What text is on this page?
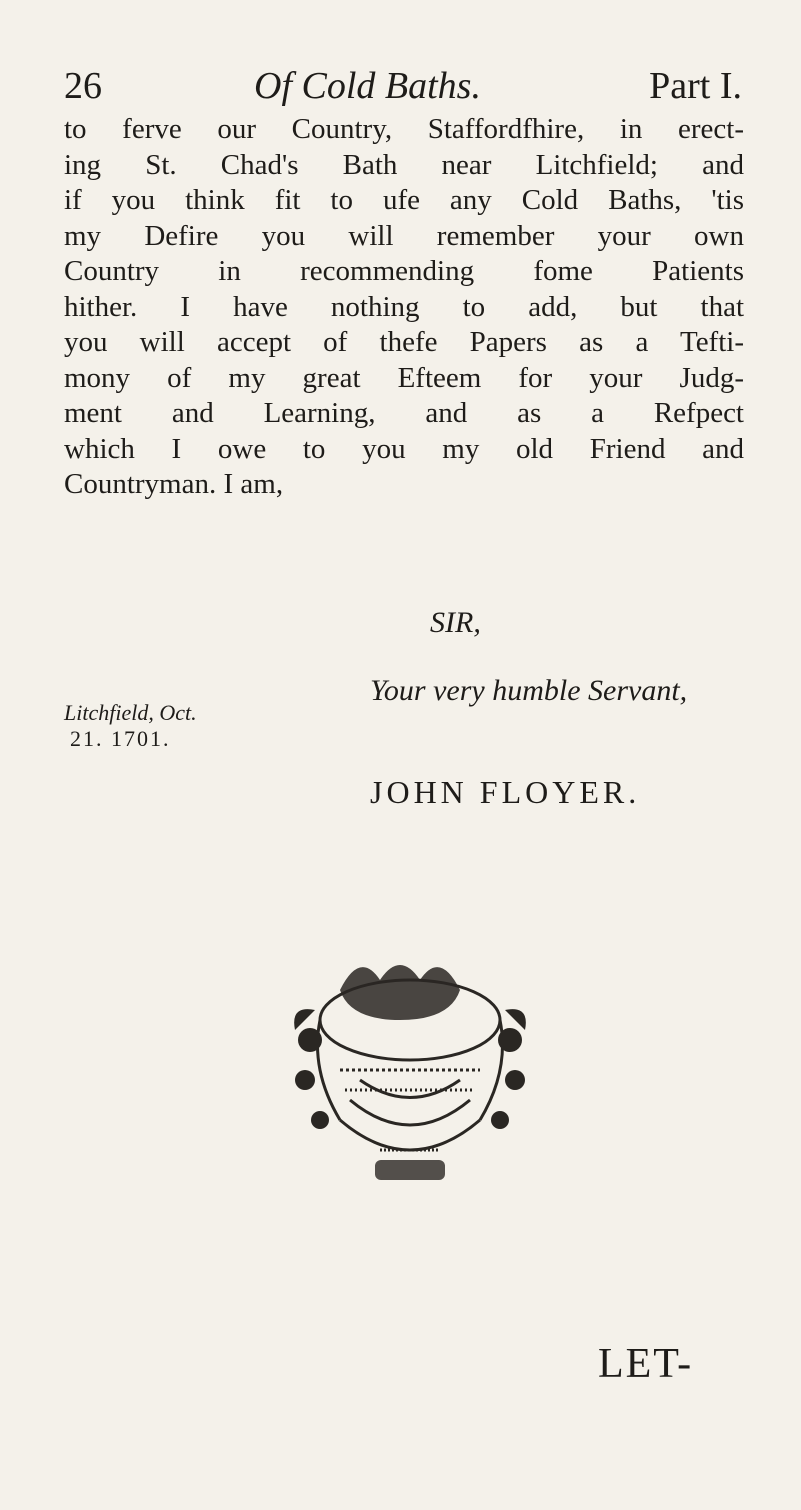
26	Of Cold Baths.	Part I.
to ferve our Country, Staffordfhire, in erect-
ing St. Chad's Bath near Litchfield; and
if you think fit to ufe any Cold Baths, 'tis
my Defire you will remember your own
Country in recommending fome Patients
hither. I have nothing to add, but that
you will accept of thefe Papers as a Tefti-
mony of my great Efteem for your Judg-
ment and Learning, and as a Refpect
which I owe to you my old Friend and
Countryman. I am,
SIR,
Your very humble Servant,
Litchfield, Oct.
21. 1701.
JOHN FLOYER.
LET-
